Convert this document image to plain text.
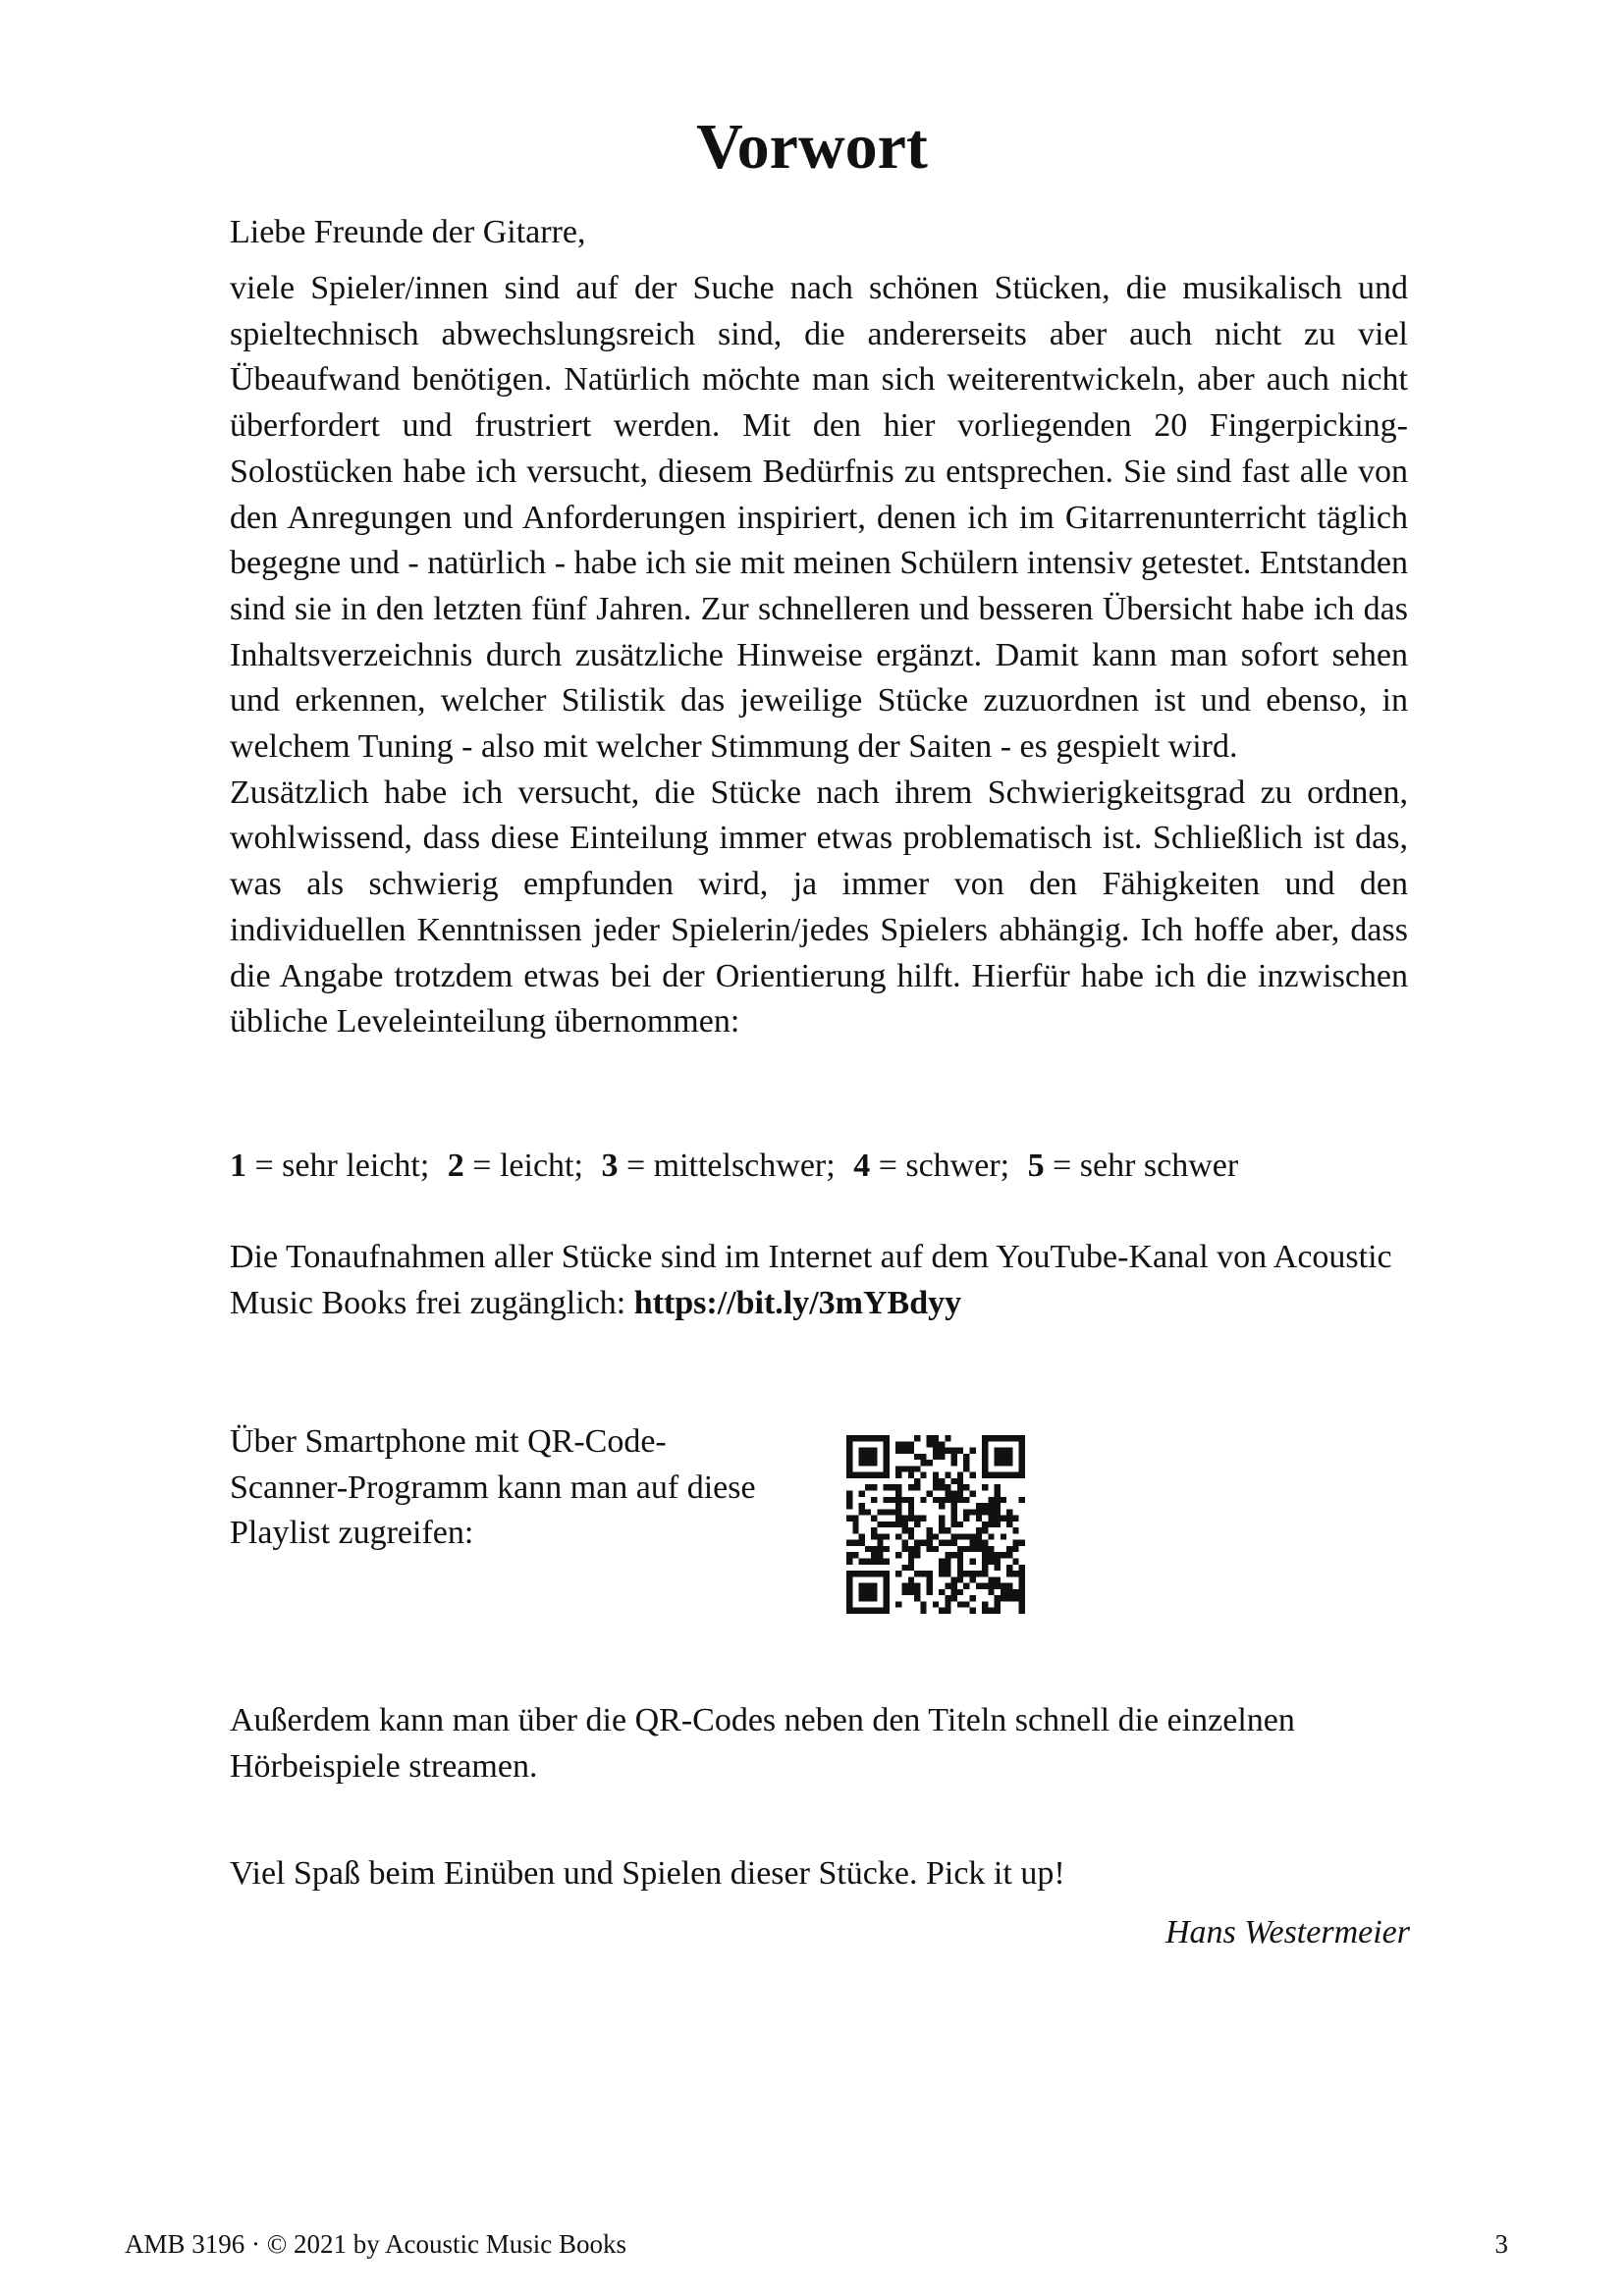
Vorwort
Liebe Freunde der Gitarre,

viele Spieler/innen sind auf der Suche nach schönen Stücken, die musikalisch und spieltechnisch abwechslungsreich sind, die andererseits aber auch nicht zu viel Übeaufwand benötigen. Natürlich möchte man sich weiterentwickeln, aber auch nicht überfordert und frustriert werden. Mit den hier vorliegenden 20 Fingerpicking-Solostücken habe ich versucht, diesem Bedürfnis zu entsprechen. Sie sind fast alle von den Anregungen und Anforderungen inspiriert, denen ich im Gitarrenunterricht täglich begegne und - natürlich - habe ich sie mit meinen Schülern intensiv getestet. Entstanden sind sie in den letzten fünf Jahren. Zur schnelleren und besseren Übersicht habe ich das Inhaltsverzeichnis durch zusätzliche Hinweise ergänzt. Damit kann man sofort sehen und erkennen, welcher Stilistik das jeweilige Stücke zuzuordnen ist und ebenso, in welchem Tuning - also mit welcher Stimmung der Saiten - es gespielt wird.

Zusätzlich habe ich versucht, die Stücke nach ihrem Schwierigkeitsgrad zu ordnen, wohlwissend, dass diese Einteilung immer etwas problematisch ist. Schließlich ist das, was als schwierig empfunden wird, ja immer von den Fähigkeiten und den individuellen Kenntnissen jeder Spielerin/jedes Spielers abhängig. Ich hoffe aber, dass die Angabe trotzdem etwas bei der Orientierung hilft. Hierfür habe ich die inzwischen übliche Leveleinteilung übernommen:

1 = sehr leicht; 2 = leicht; 3 = mittelschwer; 4 = schwer; 5 = sehr schwer
Die Tonaufnahmen aller Stücke sind im Internet auf dem YouTube-Kanal von Acoustic Music Books frei zugänglich: https://bit.ly/3mYBdyy
Über Smartphone mit QR-Code-Scanner-Programm kann man auf diese Playlist zugreifen:
Außerdem kann man über die QR-Codes neben den Titeln schnell die einzelnen Hörbeispiele streamen.
Viel Spaß beim Einüben und Spielen dieser Stücke. Pick it up!
Hans Westermeier
AMB 3196 · © 2021 by Acoustic Music Books	3
